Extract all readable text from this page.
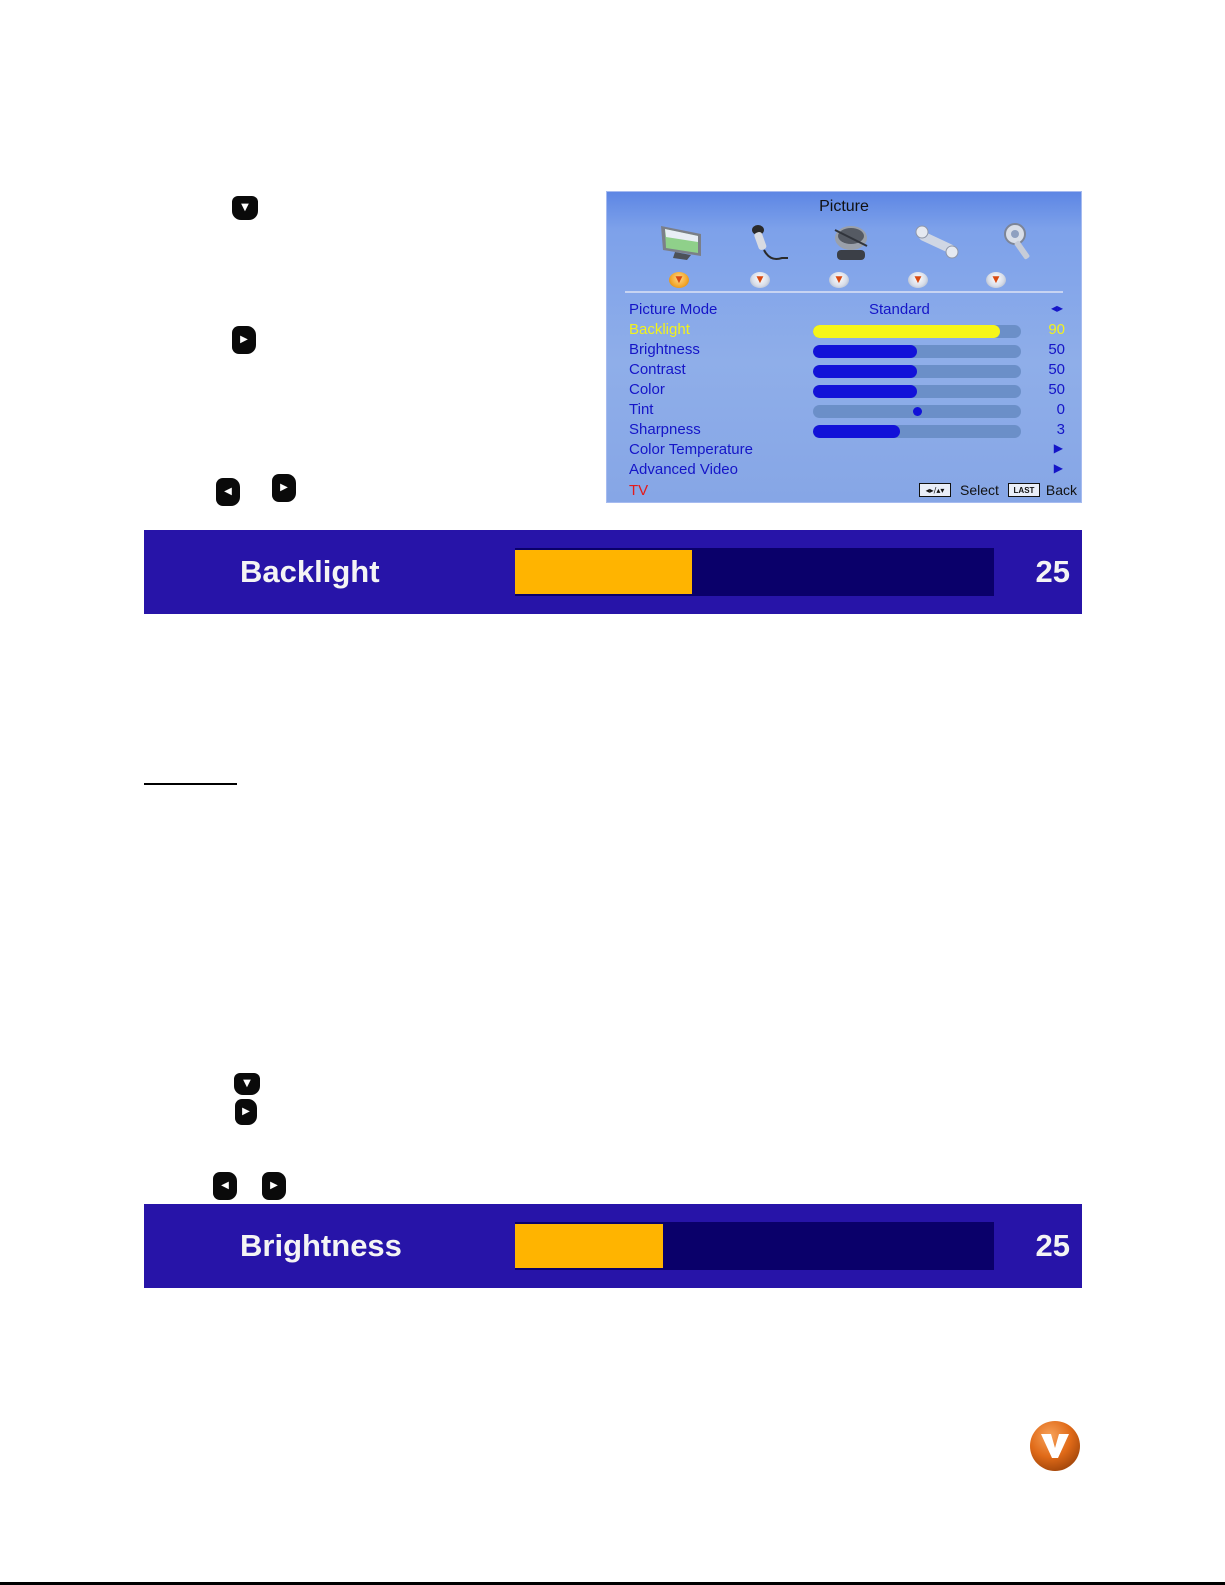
▼
▶
◀	▶
Picture
▼	▼	▼	▼	▼
Picture Mode	Standard	◂▸
Backlight	90
Brightness	50
Contrast	50
Color	50
Tint	0
Sharpness	3
Color Temperature	▶
Advanced Video	▶
TV	◂▸/▴▾	Select	LAST Back
Backlight	25
▼
▶
◀	▶
Brightness	25
